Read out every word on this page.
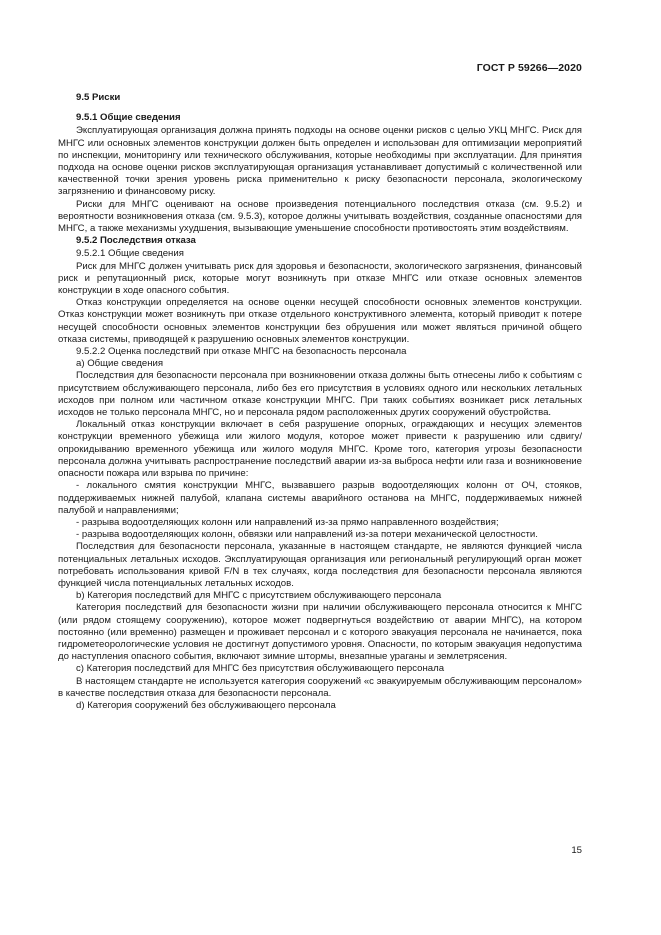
ГОСТ Р 59266—2020
9.5 Риски
9.5.1 Общие сведения

Эксплуатирующая организация должна принять подходы на основе оценки рисков с целью УКЦ МНГС. Риск для МНГС или основных элементов конструкции должен быть определен и использован для оптимизации мероприятий по инспекции, мониторингу или технического обслуживания, которые необходимы при эксплуатации. Для принятия подхода на основе оценки рисков эксплуатирующая организация устанавливает допустимый с количественной или качественной точки зрения уровень риска применительно к риску безопасности персонала, экологическому загрязнению и финансовому риску.

Риски для МНГС оценивают на основе произведения потенциального последствия отказа (см. 9.5.2) и вероятности возникновения отказа (см. 9.5.3), которое должны учитывать воздействия, созданные опасностями для МНГС, а также механизмы ухудшения, вызывающие уменьшение способности противостоять этим воздействиям.

9.5.2 Последствия отказа
9.5.2.1 Общие сведения

Риск для МНГС должен учитывать риск для здоровья и безопасности, экологического загрязнения, финансовый риск и репутационный риск, которые могут возникнуть при отказе МНГС или отказе основных элементов конструкции в ходе опасного события.

Отказ конструкции определяется на основе оценки несущей способности основных элементов конструкции. Отказ конструкции может возникнуть при отказе отдельного конструктивного элемента, который приводит к потере несущей способности основных элементов конструкции без обрушения или может являться причиной общего отказа системы, приводящей к разрушению основных элементов конструкции.

9.5.2.2 Оценка последствий при отказе МНГС на безопасность персонала
a) Общие сведения

Последствия для безопасности персонала при возникновении отказа должны быть отнесены либо к событиям с присутствием обслуживающего персонала, либо без его присутствия в условиях одного или нескольких летальных исходов при полном или частичном отказе конструкции МНГС. При таких событиях возникает риск летальных исходов не только персонала МНГС, но и персонала рядом расположенных других сооружений обустройства.

Локальный отказ конструкции включает в себя разрушение опорных, ограждающих и несущих элементов конструкции временного убежища или жилого модуля, которое может привести к разрушению или сдвигу/опрокидыванию временного убежища или жилого модуля МНГС. Кроме того, категория угрозы безопасности персонала должна учитывать распространение последствий аварии из-за выброса нефти или газа и возникновение опасности пожара или взрыва по причине:

- локального смятия конструкции МНГС, вызвавшего разрыв водоотделяющих колонн от ОЧ, стояков, поддерживаемых нижней палубой, клапана системы аварийного останова на МНГС, поддерживаемых нижней палубой и направлениями;

- разрыва водоотделяющих колонн или направлений из-за прямо направленного воздействия;

- разрыва водоотделяющих колонн, обвязки или направлений из-за потери механической целостности.

Последствия для безопасности персонала, указанные в настоящем стандарте, не являются функцией числа потенциальных летальных исходов. Эксплуатирующая организация или региональный регулирующий орган может потребовать использования кривой F/N в тех случаях, когда последствия для безопасности персонала являются функцией числа потенциальных летальных исходов.

b) Категория последствий для МНГС с присутствием обслуживающего персонала

Категория последствий для безопасности жизни при наличии обслуживающего персонала относится к МНГС (или рядом стоящему сооружению), которое может подвергнуться воздействию от аварии МНГС), на котором постоянно (или временно) размещен и проживает персонал и с которого эвакуация персонала не начинается, пока гидрометеорологические условия не достигнут допустимого уровня. Опасности, по которым эвакуация недопустима до наступления опасного события, включают зимние штормы, внезапные ураганы и землетрясения.

c) Категория последствий для МНГС без присутствия обслуживающего персонала

В настоящем стандарте не используется категория сооружений «с эвакуируемым обслуживающим персоналом» в качестве последствия отказа для безопасности персонала.

d) Категория сооружений без обслуживающего персонала
15
